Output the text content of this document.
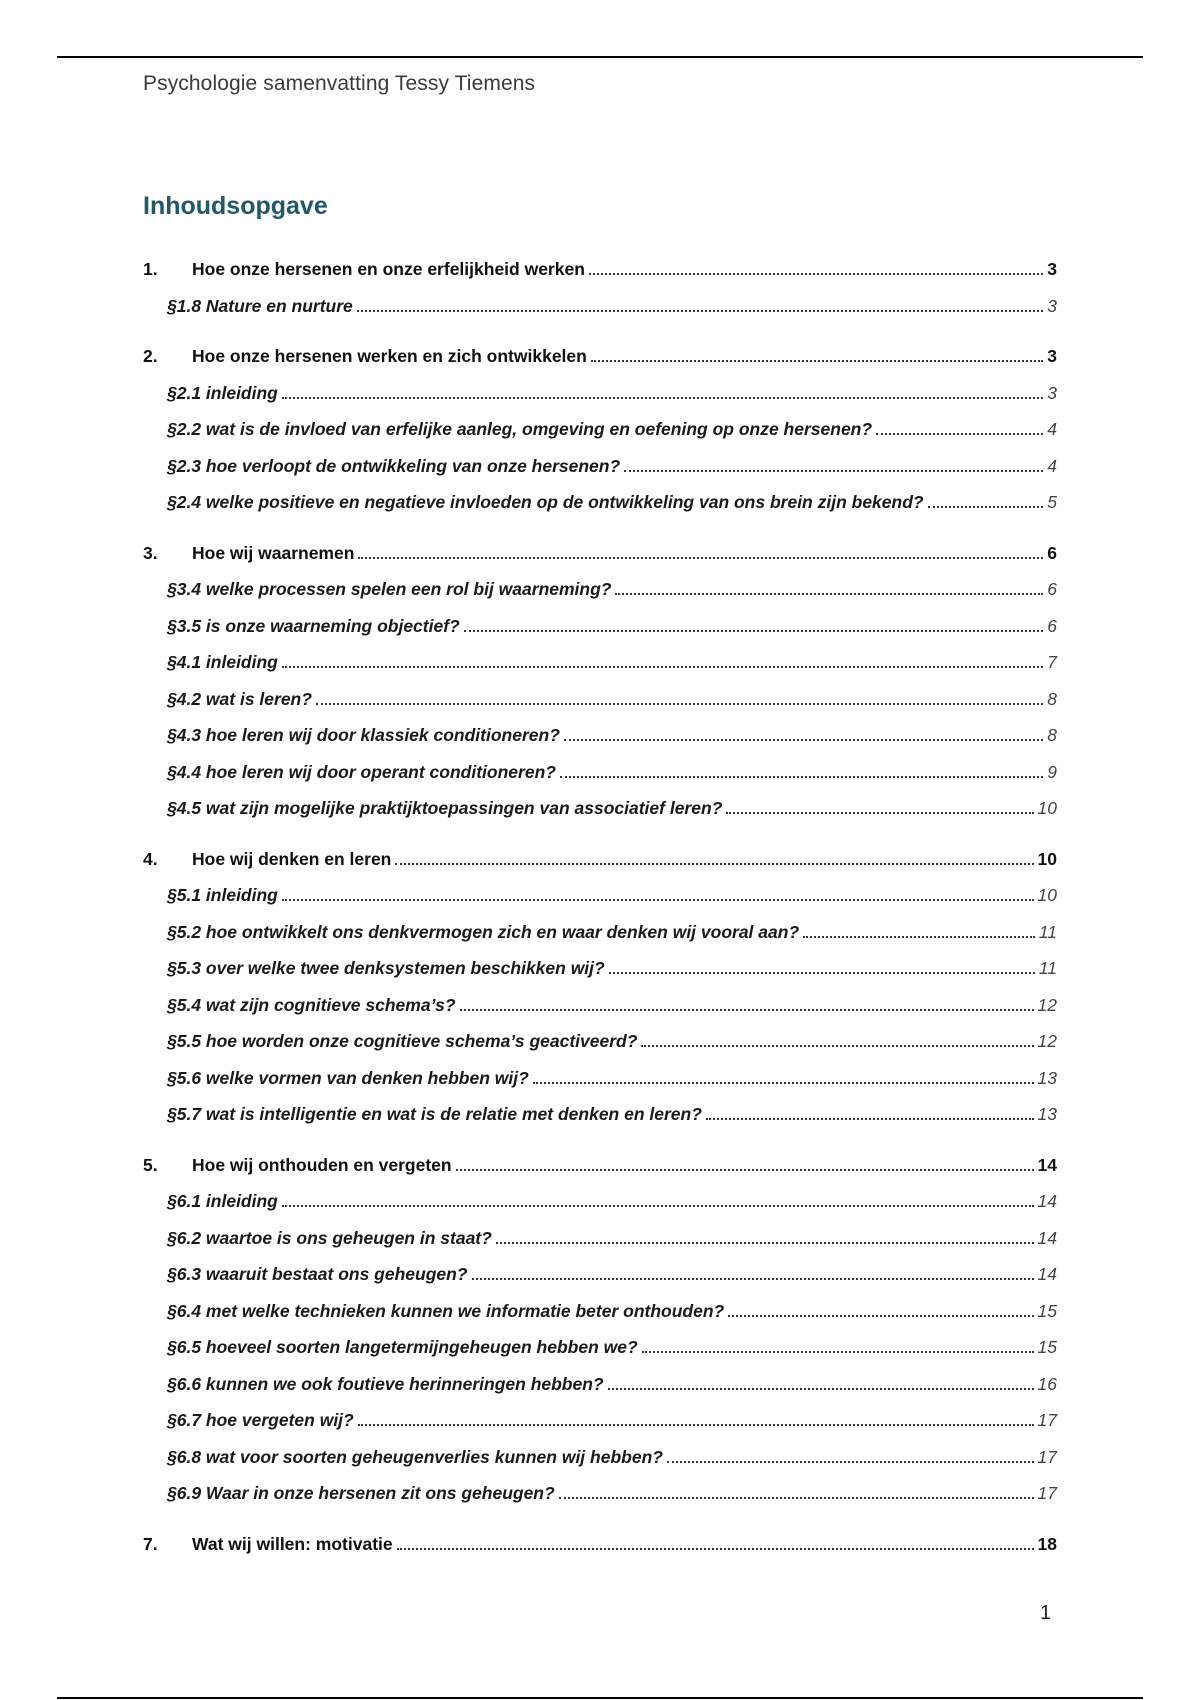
Psychologie samenvatting Tessy Tiemens
Inhoudsopgave
1.	Hoe onze hersenen en onze erfelijkheid werken	3
§1.8 Nature en nurture	3
2.	Hoe onze hersenen werken en zich ontwikkelen	3
§2.1 inleiding	3
§2.2 wat is de invloed van erfelijke aanleg, omgeving en oefening op onze hersenen?	4
§2.3 hoe verloopt de ontwikkeling van onze hersenen?	4
§2.4 welke positieve en negatieve invloeden op de ontwikkeling van ons brein zijn bekend?	5
3.	Hoe wij waarnemen	6
§3.4 welke processen spelen een rol bij waarneming?	6
§3.5 is onze waarneming objectief?	6
§4.1 inleiding	7
§4.2 wat is leren?	8
§4.3 hoe leren wij door klassiek conditioneren?	8
§4.4 hoe leren wij door operant conditioneren?	9
§4.5 wat zijn mogelijke praktijktoepassingen van associatief leren?	10
4.	Hoe wij denken en leren	10
§5.1 inleiding	10
§5.2 hoe ontwikkelt ons denkvermogen zich en waar denken wij vooral aan?	11
§5.3 over welke twee denksystemen beschikken wij?	11
§5.4 wat zijn cognitieve schema’s?	12
§5.5 hoe worden onze cognitieve schema’s geactiveerd?	12
§5.6 welke vormen van denken hebben wij?	13
§5.7 wat is intelligentie en wat is de relatie met denken en leren?	13
5.	Hoe wij onthouden en vergeten	14
§6.1 inleiding	14
§6.2 waartoe is ons geheugen in staat?	14
§6.3 waaruit bestaat ons geheugen?	14
§6.4 met welke technieken kunnen we informatie beter onthouden?	15
§6.5 hoeveel soorten langetermijngeheugen hebben we?	15
§6.6 kunnen we ook foutieve herinneringen hebben?	16
§6.7 hoe vergeten wij?	17
§6.8 wat voor soorten geheugenverlies kunnen wij hebben?	17
§6.9 Waar in onze hersenen zit ons geheugen?	17
7.	Wat wij willen: motivatie	18
1
